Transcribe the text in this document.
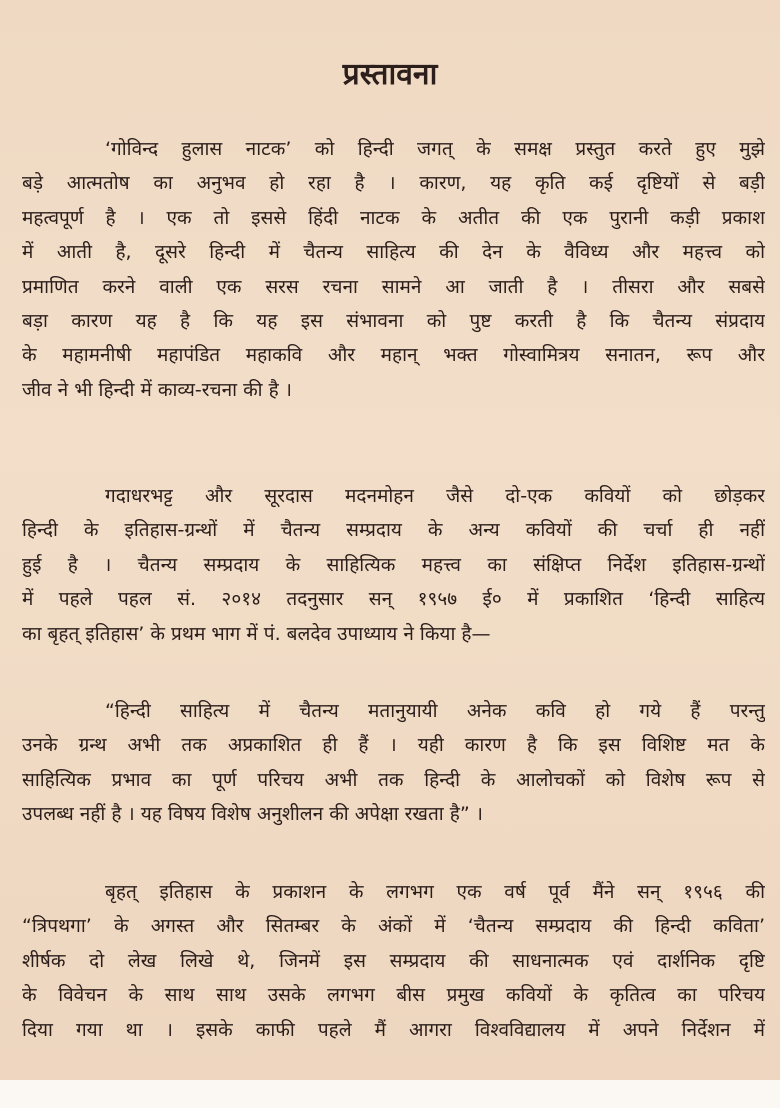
प्रस्तावना
‘गोविन्द हुलास नाटक’ को हिन्दी जगत् के समक्ष प्रस्तुत करते हुए मुझे
बड़े आत्मतोष का अनुभव हो रहा है । कारण, यह कृति कई दृष्टियों से बड़ी
महत्वपूर्ण है । एक तो इससे हिंदी नाटक के अतीत की एक पुरानी कड़ी प्रकाश
में आती है, दूसरे हिन्दी में चैतन्य साहित्य की देन के वैविध्य और महत्त्व को
प्रमाणित करने वाली एक सरस रचना सामने आ जाती है । तीसरा और सबसे
बड़ा कारण यह है कि यह इस संभावना को पुष्ट करती है कि चैतन्य संप्रदाय
के महामनीषी महापंडित महाकवि और महान् भक्त गोस्वामित्रय सनातन, रूप और
जीव ने भी हिन्दी में काव्य-रचना की है ।
गदाधरभट्ट और सूरदास मदनमोहन जैसे दो-एक कवियों को छोड़कर
हिन्दी के इतिहास-ग्रन्थों में चैतन्य सम्प्रदाय के अन्य कवियों की चर्चा ही नहीं
हुई है । चैतन्य सम्प्रदाय के साहित्यिक महत्त्व का संक्षिप्त निर्देश इतिहास-ग्रन्थों
में पहले पहल सं. २०१४ तदनुसार सन् १९५७ ई० में प्रकाशित ‘हिन्दी साहित्य
का बृहत् इतिहास’ के प्रथम भाग में पं. बलदेव उपाध्याय ने किया है—
“हिन्दी साहित्य में चैतन्य मतानुयायी अनेक कवि हो गये हैं परन्तु
उनके ग्रन्थ अभी तक अप्रकाशित ही हैं । यही कारण है कि इस विशिष्ट मत के
साहित्यिक प्रभाव का पूर्ण परिचय अभी तक हिन्दी के आलोचकों को विशेष रूप से
उपलब्ध नहीं है । यह विषय विशेष अनुशीलन की अपेक्षा रखता है” ।
बृहत् इतिहास के प्रकाशन के लगभग एक वर्ष पूर्व मैंने सन् १९५६ की
“त्रिपथगा’ के अगस्त और सितम्बर के अंकों में ‘चैतन्य सम्प्रदाय की हिन्दी कविता’
शीर्षक दो लेख लिखे थे, जिनमें इस सम्प्रदाय की साधनात्मक एवं दार्शनिक दृष्टि
के विवेचन के साथ साथ उसके लगभग बीस प्रमुख कवियों के कृतित्व का परिचय
दिया गया था । इसके काफी पहले मैं आगरा विश्वविद्यालय में अपने निर्देशन में
